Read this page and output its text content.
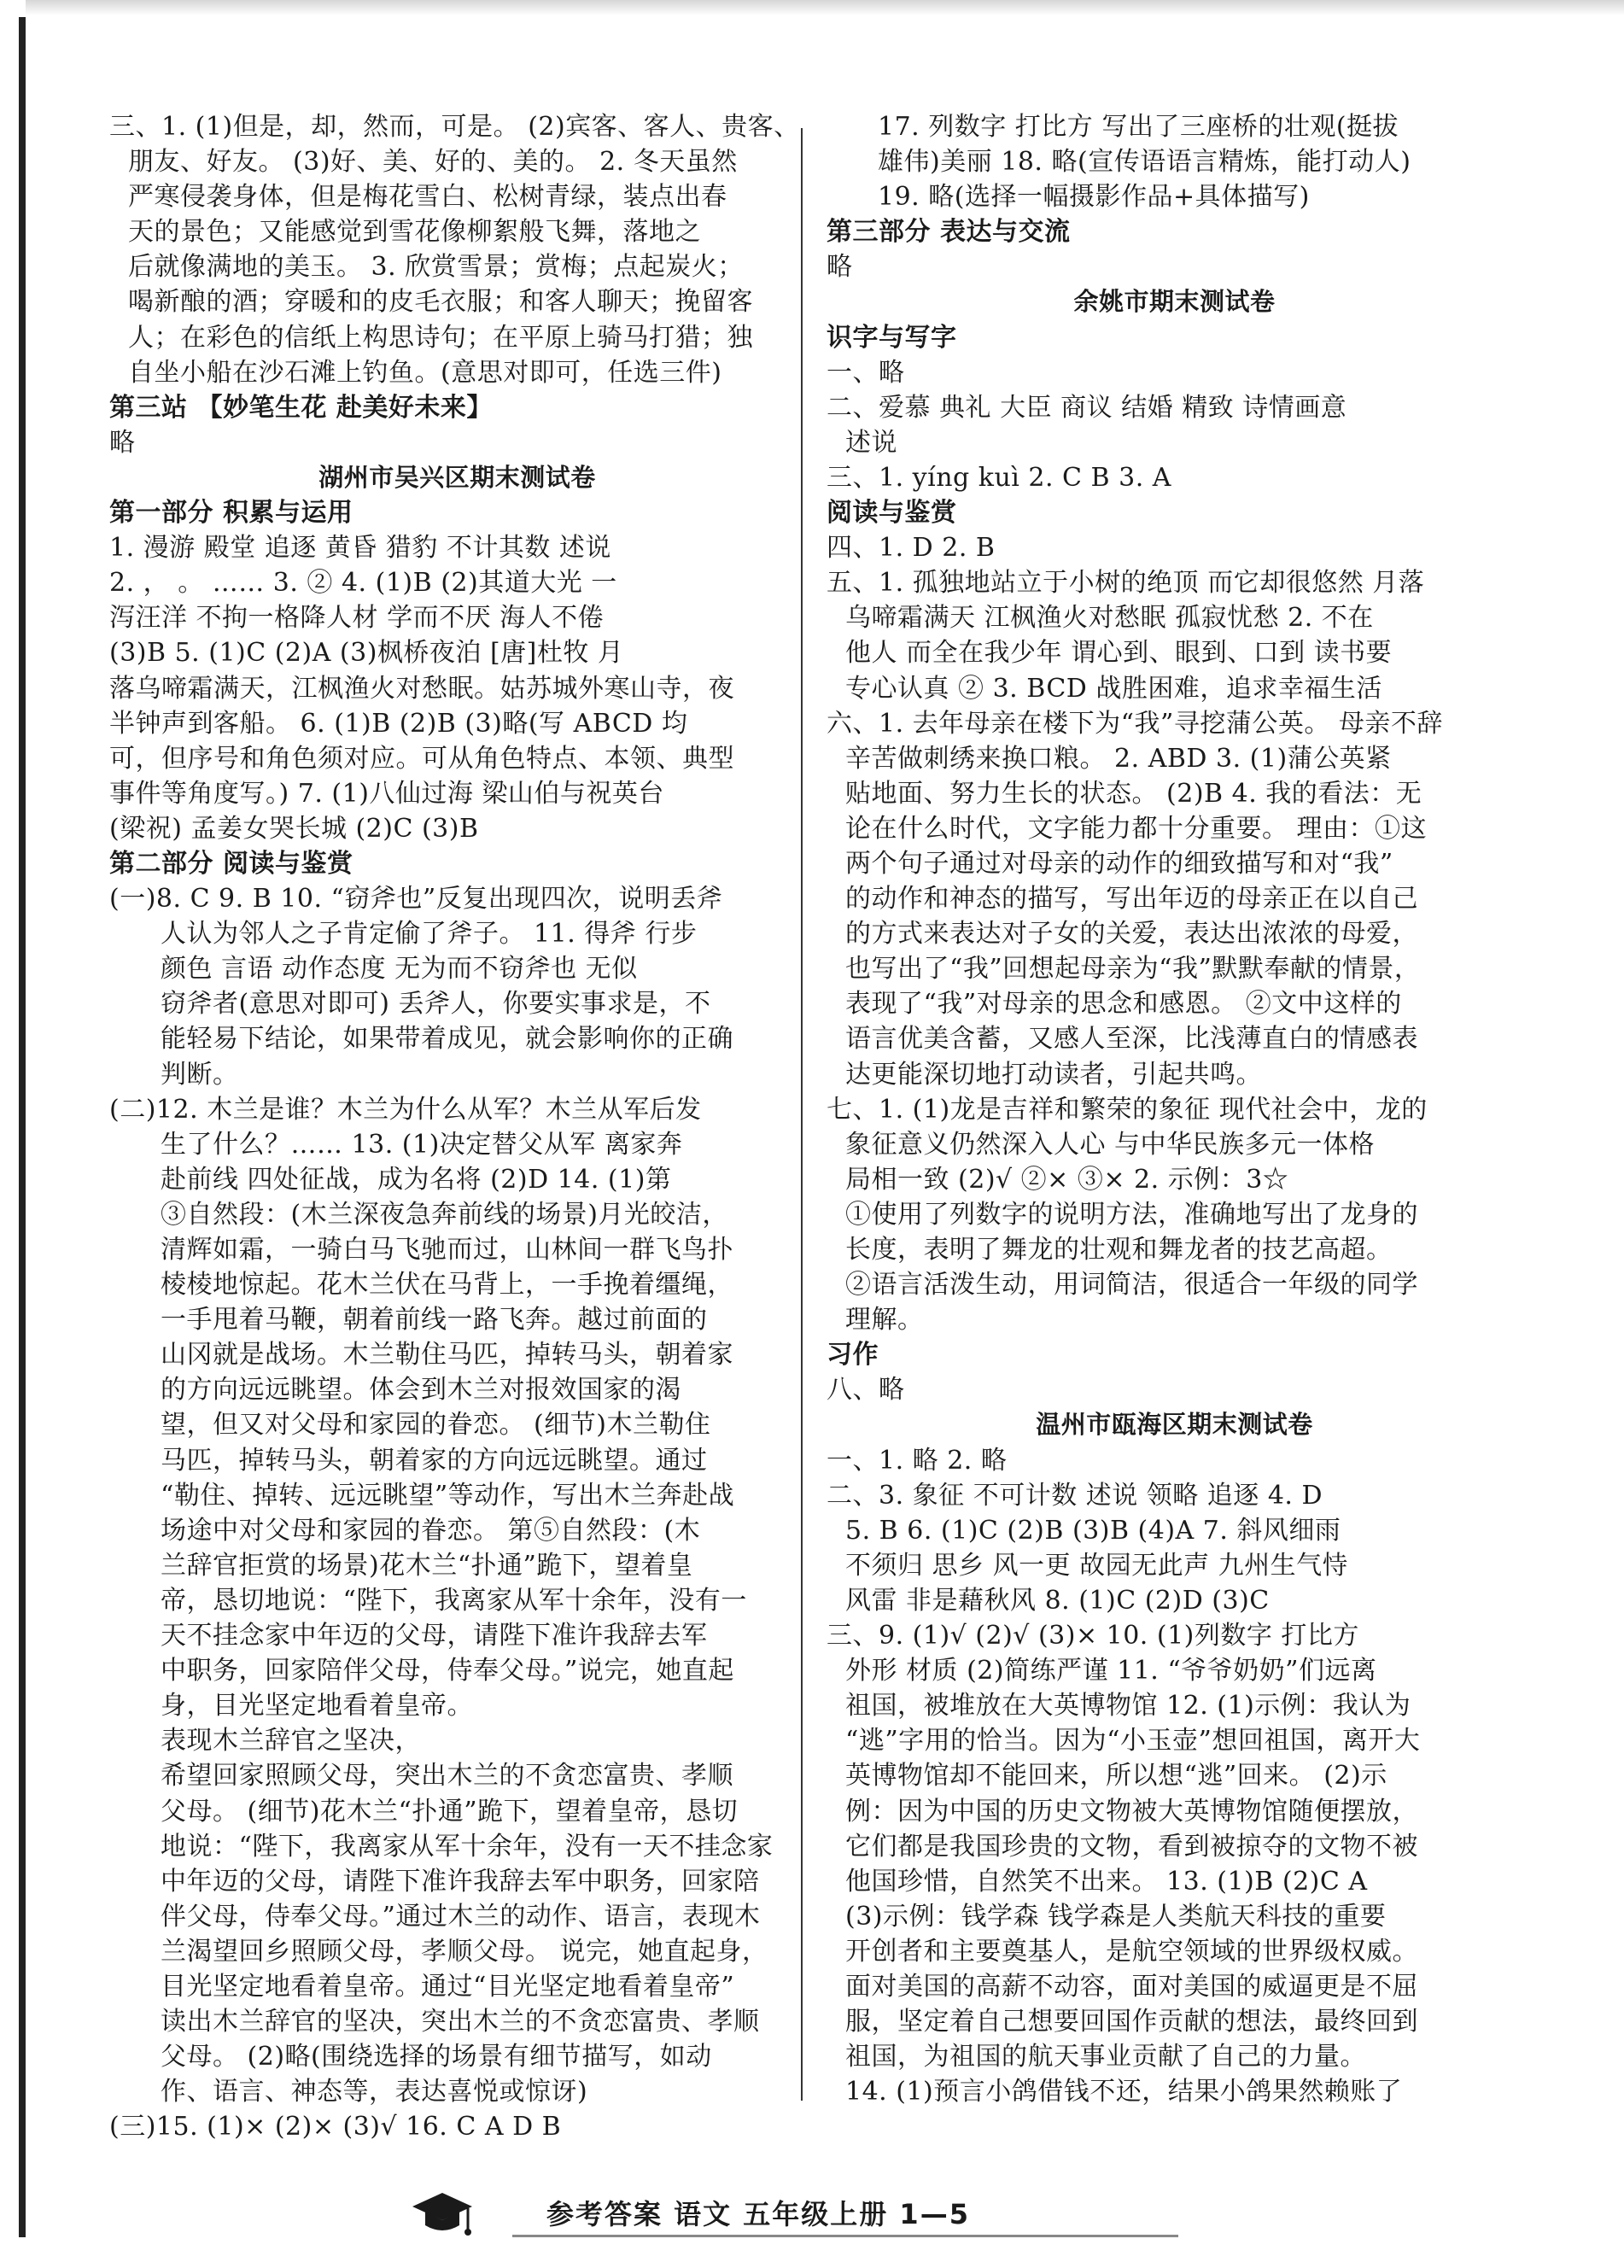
三、1. (1)但是，却，然而，可是。 (2)宾客、客人、贵客、
朋友、好友。 (3)好、美、好的、美的。 2. 冬天虽然
严寒侵袭身体，但是梅花雪白、松树青绿，装点出春
天的景色；又能感觉到雪花像柳絮般飞舞，落地之
后就像满地的美玉。 3. 欣赏雪景；赏梅；点起炭火；
喝新酿的酒；穿暖和的皮毛衣服；和客人聊天；挽留客
人；在彩色的信纸上构思诗句；在平原上骑马打猎；独
自坐小船在沙石滩上钓鱼。(意思对即可，任选三件)
第三站 【妙笔生花 赴美好未来】
略
湖州市吴兴区期末测试卷
第一部分 积累与运用
1. 漫游 殿堂 追逐 黄昏 猎豹 不计其数 述说
2. ， 。 …… 3. ② 4. (1)B (2)其道大光 一
泻汪洋 不拘一格降人材 学而不厌 海人不倦
(3)B 5. (1)C (2)A (3)枫桥夜泊 [唐]杜牧 月
落乌啼霜满天，江枫渔火对愁眠。姑苏城外寒山寺，夜
半钟声到客船。 6. (1)B (2)B (3)略(写 ABCD 均
可，但序号和角色须对应。可从角色特点、本领、典型
事件等角度写。) 7. (1)八仙过海 梁山伯与祝英台
(梁祝) 孟姜女哭长城 (2)C (3)B
第二部分 阅读与鉴赏
(一)8. C 9. B 10. “窃斧也”反复出现四次，说明丢斧
人认为邻人之子肯定偷了斧子。 11. 得斧 行步
颜色 言语 动作态度 无为而不窃斧也 无似
窃斧者(意思对即可) 丢斧人，你要实事求是，不
能轻易下结论，如果带着成见，就会影响你的正确
判断。
(二)12. 木兰是谁？木兰为什么从军？木兰从军后发
生了什么？…… 13. (1)决定替父从军 离家奔
赴前线 四处征战，成为名将 (2)D 14. (1)第
③自然段：(木兰深夜急奔前线的场景)月光皎洁，
清辉如霜，一骑白马飞驰而过，山林间一群飞鸟扑
棱棱地惊起。花木兰伏在马背上，一手挽着缰绳，
一手甩着马鞭，朝着前线一路飞奔。越过前面的
山冈就是战场。木兰勒住马匹，掉转马头，朝着家
的方向远远眺望。体会到木兰对报效国家的渴
望，但又对父母和家园的眷恋。 (细节)木兰勒住
马匹，掉转马头，朝着家的方向远远眺望。通过
“勒住、掉转、远远眺望”等动作，写出木兰奔赴战
场途中对父母和家园的眷恋。 第⑤自然段：(木
兰辞官拒赏的场景)花木兰“扑通”跪下，望着皇
帝，恳切地说：“陛下，我离家从军十余年，没有一
天不挂念家中年迈的父母，请陛下准许我辞去军
中职务，回家陪伴父母，侍奉父母。”说完，她直起
身，目光坚定地看着皇帝。
表现木兰辞官之坚决，
希望回家照顾父母，突出木兰的不贪恋富贵、孝顺
父母。 (细节)花木兰“扑通”跪下，望着皇帝，恳切
地说：“陛下，我离家从军十余年，没有一天不挂念家
中年迈的父母，请陛下准许我辞去军中职务，回家陪
伴父母，侍奉父母。”通过木兰的动作、语言，表现木
兰渴望回乡照顾父母，孝顺父母。 说完，她直起身，
目光坚定地看着皇帝。通过“目光坚定地看着皇帝”
读出木兰辞官的坚决，突出木兰的不贪恋富贵、孝顺
父母。 (2)略(围绕选择的场景有细节描写，如动
作、语言、神态等，表达喜悦或惊讶)
(三)15. (1)× (2)× (3)√ 16. C A D B
17. 列数字 打比方 写出了三座桥的壮观(挺拔
雄伟)美丽 18. 略(宣传语语言精炼，能打动人)
19. 略(选择一幅摄影作品+具体描写)
第三部分 表达与交流
略
余姚市期末测试卷
识字与写字
一、略
二、爱慕 典礼 大臣 商议 结婚 精致 诗情画意
述说
三、1. yíng kuì 2. C B 3. A
阅读与鉴赏
四、1. D 2. B
五、1. 孤独地站立于小树的绝顶 而它却很悠然 月落
乌啼霜满天 江枫渔火对愁眠 孤寂忧愁 2. 不在
他人 而全在我少年 谓心到、眼到、口到 读书要
专心认真 ② 3. BCD 战胜困难，追求幸福生活
六、1. 去年母亲在楼下为“我”寻挖蒲公英。 母亲不辞
辛苦做刺绣来换口粮。 2. ABD 3. (1)蒲公英紧
贴地面、努力生长的状态。 (2)B 4. 我的看法：无
论在什么时代，文字能力都十分重要。 理由：①这
两个句子通过对母亲的动作的细致描写和对“我”
的动作和神态的描写，写出年迈的母亲正在以自己
的方式来表达对子女的关爱，表达出浓浓的母爱，
也写出了“我”回想起母亲为“我”默默奉献的情景，
表现了“我”对母亲的思念和感恩。 ②文中这样的
语言优美含蓄，又感人至深，比浅薄直白的情感表
达更能深切地打动读者，引起共鸣。
七、1. (1)龙是吉祥和繁荣的象征 现代社会中，龙的
象征意义仍然深入人心 与中华民族多元一体格
局相一致 (2)√ ②× ③× 2. 示例：3☆
①使用了列数字的说明方法，准确地写出了龙身的
长度，表明了舞龙的壮观和舞龙者的技艺高超。
②语言活泼生动，用词简洁，很适合一年级的同学
理解。
习作
八、略
温州市瓯海区期末测试卷
一、1. 略 2. 略
二、3. 象征 不可计数 述说 领略 追逐 4. D
5. B 6. (1)C (2)B (3)B (4)A 7. 斜风细雨
不须归 思乡 风一更 故园无此声 九州生气恃
风雷 非是藉秋风 8. (1)C (2)D (3)C
三、9. (1)√ (2)√ (3)× 10. (1)列数字 打比方
外形 材质 (2)简练严谨 11. “爷爷奶奶”们远离
祖国，被堆放在大英博物馆 12. (1)示例：我认为
“逃”字用的恰当。因为“小玉壶”想回祖国，离开大
英博物馆却不能回来，所以想“逃”回来。 (2)示
例：因为中国的历史文物被大英博物馆随便摆放，
它们都是我国珍贵的文物，看到被掠夺的文物不被
他国珍惜，自然笑不出来。 13. (1)B (2)C A
(3)示例：钱学森 钱学森是人类航天科技的重要
开创者和主要奠基人，是航空领域的世界级权威。
面对美国的高薪不动容，面对美国的威逼更是不屈
服，坚定着自己想要回国作贡献的想法，最终回到
祖国，为祖国的航天事业贡献了自己的力量。
14. (1)预言小鸽借钱不还，结果小鸽果然赖账了
参考答案 语文 五年级上册 1—5
